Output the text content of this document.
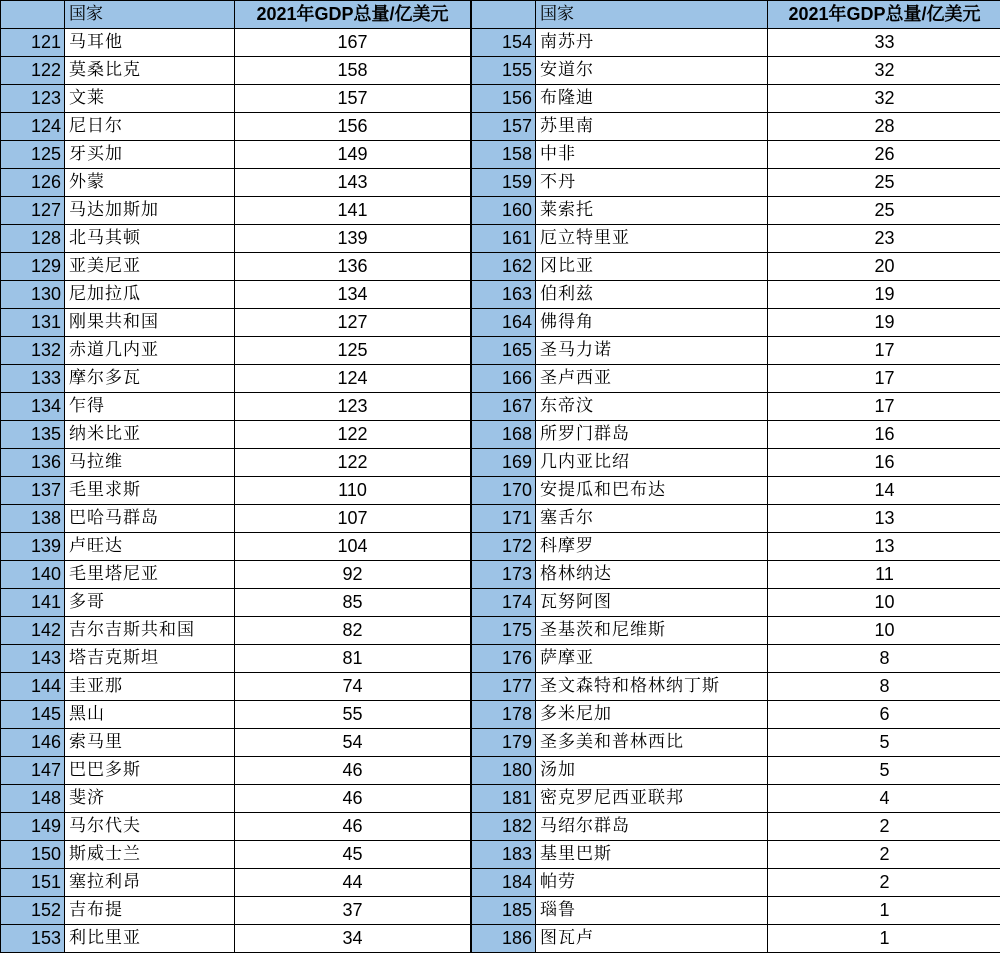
	国家	2021年GDP总量/亿美元
121	马耳他	167
122	莫桑比克	158
123	文莱	157
124	尼日尔	156
125	牙买加	149
126	外蒙	143
127	马达加斯加	141
128	北马其顿	139
129	亚美尼亚	136
130	尼加拉瓜	134
131	刚果共和国	127
132	赤道几内亚	125
133	摩尔多瓦	124
134	乍得	123
135	纳米比亚	122
136	马拉维	122
137	毛里求斯	110
138	巴哈马群岛	107
139	卢旺达	104
140	毛里塔尼亚	92
141	多哥	85
142	吉尔吉斯共和国	82
143	塔吉克斯坦	81
144	圭亚那	74
145	黑山	55
146	索马里	54
147	巴巴多斯	46
148	斐济	46
149	马尔代夫	46
150	斯威士兰	45
151	塞拉利昂	44
152	吉布提	37
153	利比里亚	34
	国家	2021年GDP总量/亿美元
154	南苏丹	33
155	安道尔	32
156	布隆迪	32
157	苏里南	28
158	中非	26
159	不丹	25
160	莱索托	25
161	厄立特里亚	23
162	冈比亚	20
163	伯利兹	19
164	佛得角	19
165	圣马力诺	17
166	圣卢西亚	17
167	东帝汶	17
168	所罗门群岛	16
169	几内亚比绍	16
170	安提瓜和巴布达	14
171	塞舌尔	13
172	科摩罗	13
173	格林纳达	11
174	瓦努阿图	10
175	圣基茨和尼维斯	10
176	萨摩亚	8
177	圣文森特和格林纳丁斯	8
178	多米尼加	6
179	圣多美和普林西比	5
180	汤加	5
181	密克罗尼西亚联邦	4
182	马绍尔群岛	2
183	基里巴斯	2
184	帕劳	2
185	瑙鲁	1
186	图瓦卢	1
